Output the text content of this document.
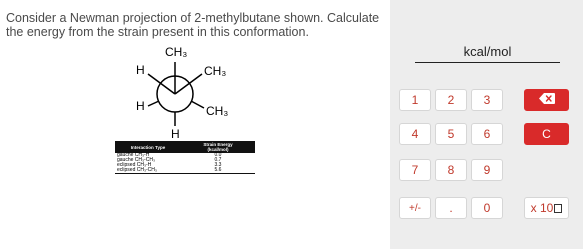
Consider a Newman projection of 2-methylbutane shown. Calculate
the energy from the strain present in this conformation.
CH₃
H	CH₃
H	CH₃
H
Interaction Type	Strain Energy
(kcal/mol)
gauche CH₃-H	0.0
gauche CH₃-CH₃	0.7
eclipsed CH₃-H	3.3
eclipsed CH₃-CH₃	5.6
kcal/mol
1 2 3
4 5 6	C
7 8 9
+/- .	0	x 10
